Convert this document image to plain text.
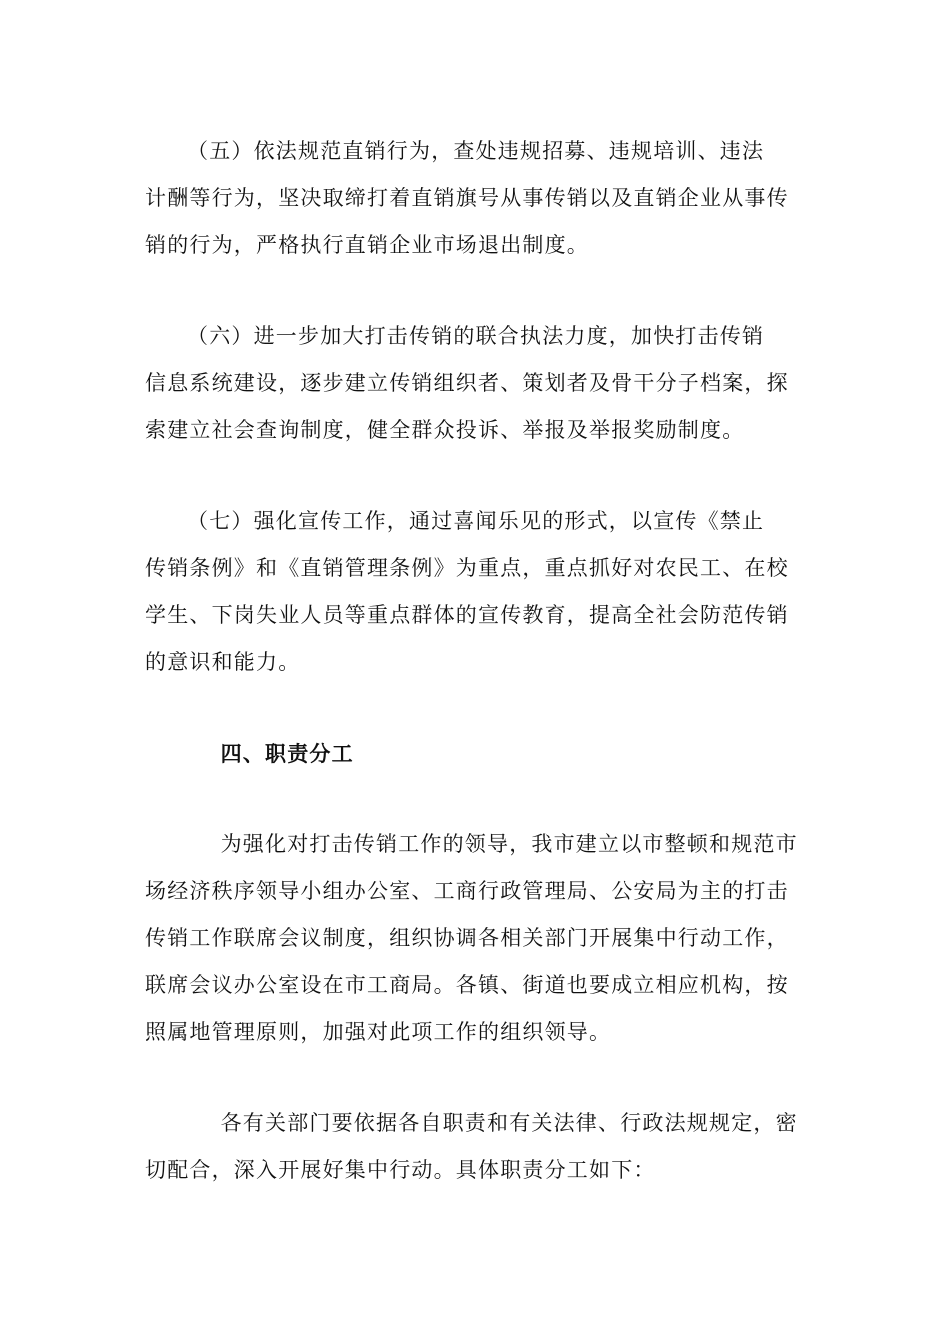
（五）依法规范直销行为，查处违规招募、违规培训、违法
计酬等行为，坚决取缔打着直销旗号从事传销以及直销企业从事传
销的行为，严格执行直销企业市场退出制度。
（六）进一步加大打击传销的联合执法力度，加快打击传销
信息系统建设，逐步建立传销组织者、策划者及骨干分子档案，探
索建立社会查询制度，健全群众投诉、举报及举报奖励制度。
（七）强化宣传工作，通过喜闻乐见的形式，以宣传《禁止
传销条例》和《直销管理条例》为重点，重点抓好对农民工、在校
学生、下岗失业人员等重点群体的宣传教育，提高全社会防范传销
的意识和能力。
四、职责分工
为强化对打击传销工作的领导，我市建立以市整顿和规范市
场经济秩序领导小组办公室、工商行政管理局、公安局为主的打击
传销工作联席会议制度，组织协调各相关部门开展集中行动工作，
联席会议办公室设在市工商局。各镇、街道也要成立相应机构，按
照属地管理原则，加强对此项工作的组织领导。
各有关部门要依据各自职责和有关法律、行政法规规定，密
切配合，深入开展好集中行动。具体职责分工如下：
